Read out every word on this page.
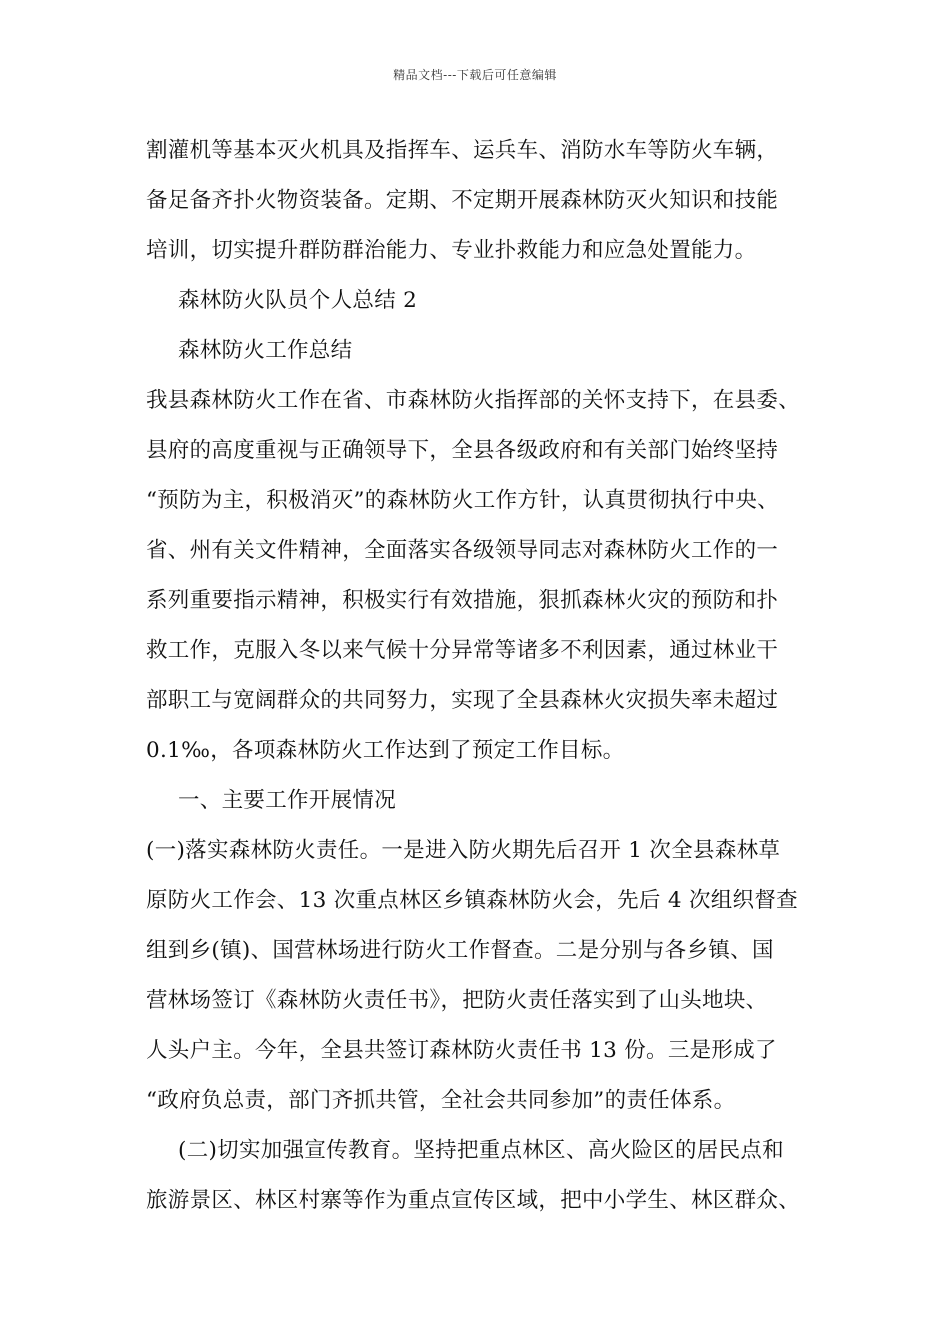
精品文档---下载后可任意编辑
割灌机等基本灭火机具及指挥车、运兵车、消防水车等防火车辆，
备足备齐扑火物资装备。定期、不定期开展森林防灭火知识和技能
培训，切实提升群防群治能力、专业扑救能力和应急处置能力。
森林防火队员个人总结 2
森林防火工作总结
我县森林防火工作在省、市森林防火指挥部的关怀支持下，在县委、
县府的高度重视与正确领导下，全县各级政府和有关部门始终坚持
“预防为主，积极消灭”的森林防火工作方针，认真贯彻执行中央、
省、州有关文件精神，全面落实各级领导同志对森林防火工作的一
系列重要指示精神，积极实行有效措施，狠抓森林火灾的预防和扑
救工作，克服入冬以来气候十分异常等诸多不利因素，通过林业干
部职工与宽阔群众的共同努力，实现了全县森林火灾损失率未超过
0.1‰，各项森林防火工作达到了预定工作目标。
一、主要工作开展情况
(一)落实森林防火责任。一是进入防火期先后召开 1 次全县森林草
原防火工作会、13 次重点林区乡镇森林防火会，先后 4 次组织督查
组到乡(镇)、国营林场进行防火工作督查。二是分别与各乡镇、国
营林场签订《森林防火责任书》，把防火责任落实到了山头地块、
人头户主。今年，全县共签订森林防火责任书 13 份。三是形成了
“政府负总责，部门齐抓共管，全社会共同参加”的责任体系。
(二)切实加强宣传教育。坚持把重点林区、高火险区的居民点和
旅游景区、林区村寨等作为重点宣传区域，把中小学生、林区群众、
